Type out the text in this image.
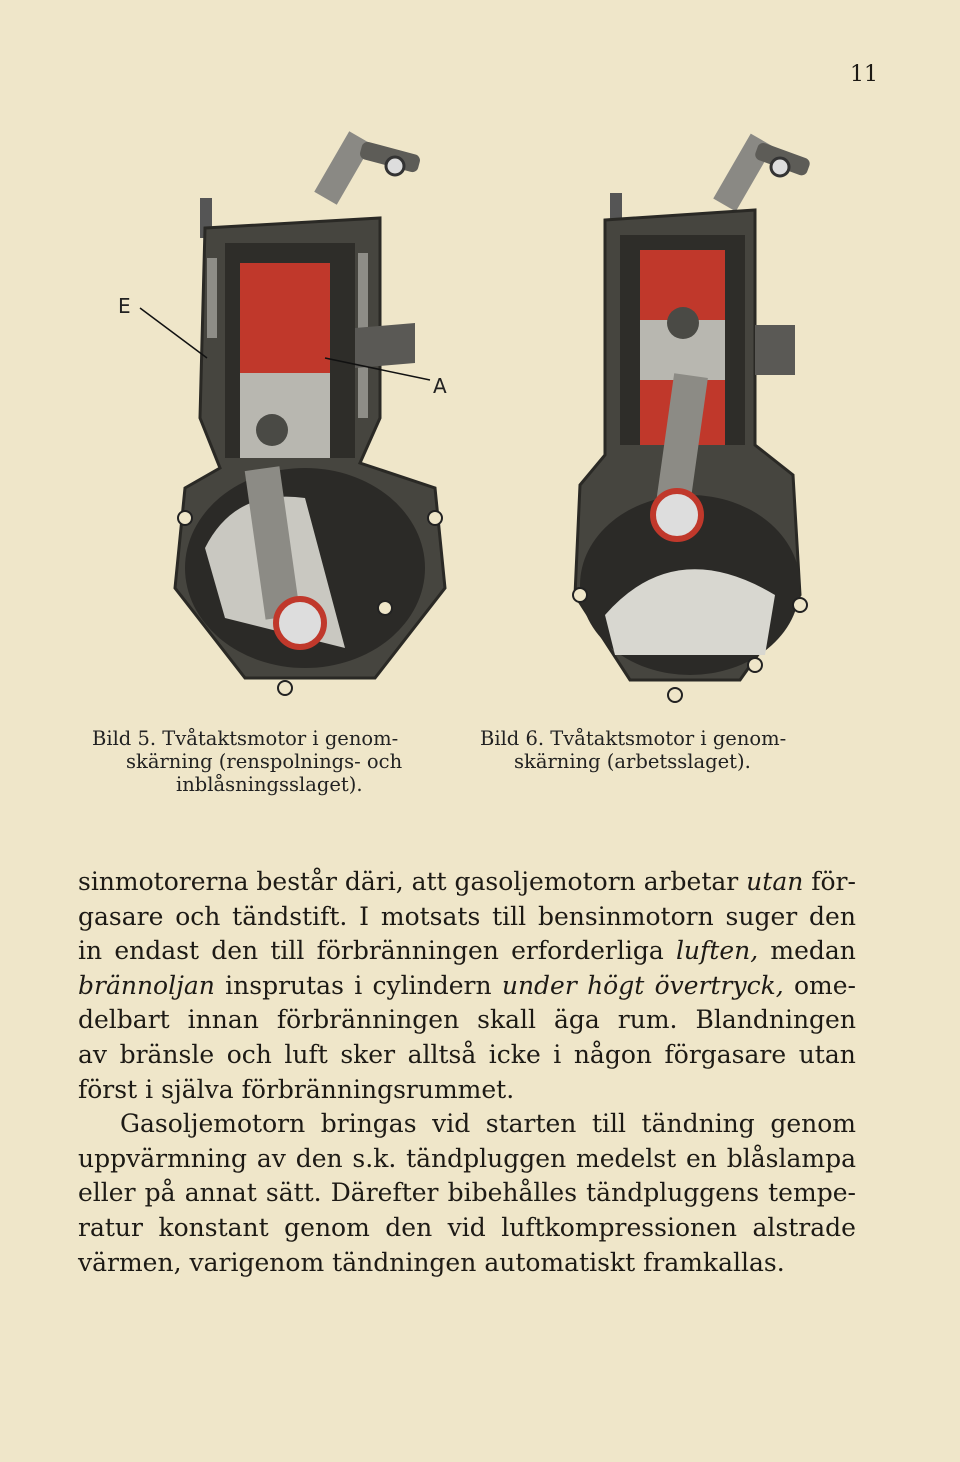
11
E
A
Bild 5. Tvåtaktsmotor i genom-
skärning (renspolnings- och
inblåsningsslaget).
Bild 6. Tvåtaktsmotor i genom-
skärning (arbetsslaget).
sinmotorerna består däri, att gasoljemotorn arbetar utan för-
gasare och tändstift. I motsats till bensinmotorn suger den
in endast den till förbränningen erforderliga luften, medan
brännoljan insprutas i cylindern under högt övertryck, ome-
delbart innan förbränningen skall äga rum. Blandningen
av bränsle och luft sker alltså icke i någon förgasare utan
först i själva förbränningsrummet.
Gasoljemotorn bringas vid starten till tändning genom
uppvärmning av den s.k. tändpluggen medelst en blåslampa
eller på annat sätt. Därefter bibehålles tändpluggens tempe-
ratur konstant genom den vid luftkompressionen alstrade
värmen, varigenom tändningen automatiskt framkallas.
